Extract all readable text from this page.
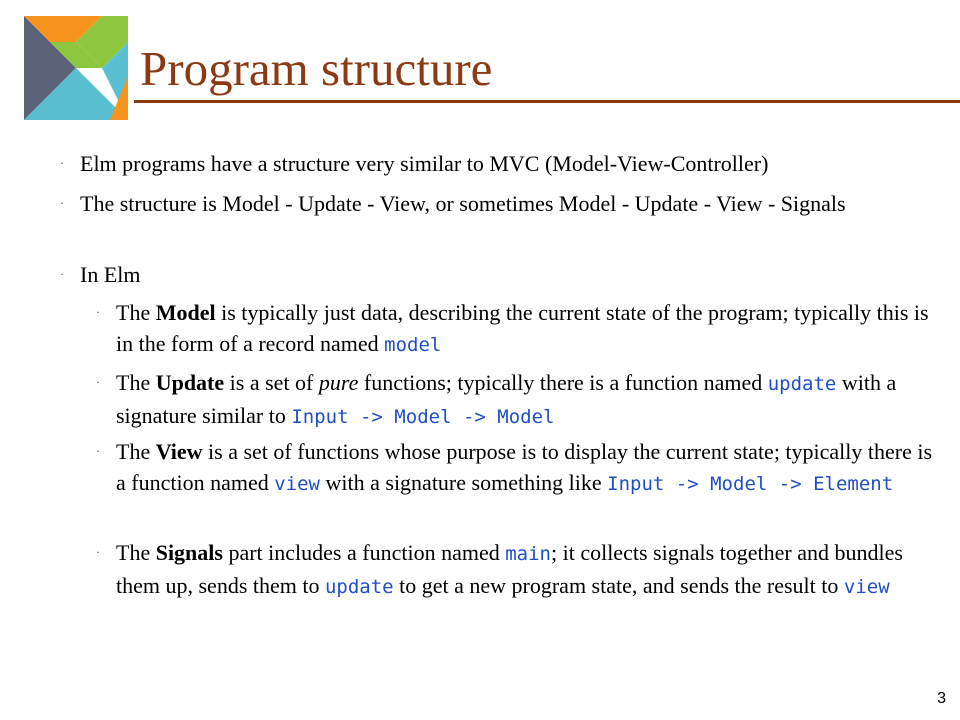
Program structure
· Elm programs have a structure very similar to MVC (Model-View-Controller)
· The structure is Model - Update - View, or sometimes Model - Update - View - Signals
· In Elm
· The Model is typically just data, describing the current state of the program; typically this is in the form of a record named model
· The Update is a set of pure functions; typically there is a function named update with a signature similar to Input -> Model -> Model
· The View is a set of functions whose purpose is to display the current state; typically there is a function named view with a signature something like Input -> Model -> Element
· The Signals part includes a function named main; it collects signals together and bundles them up, sends them to update to get a new program state, and sends the result to view
3
